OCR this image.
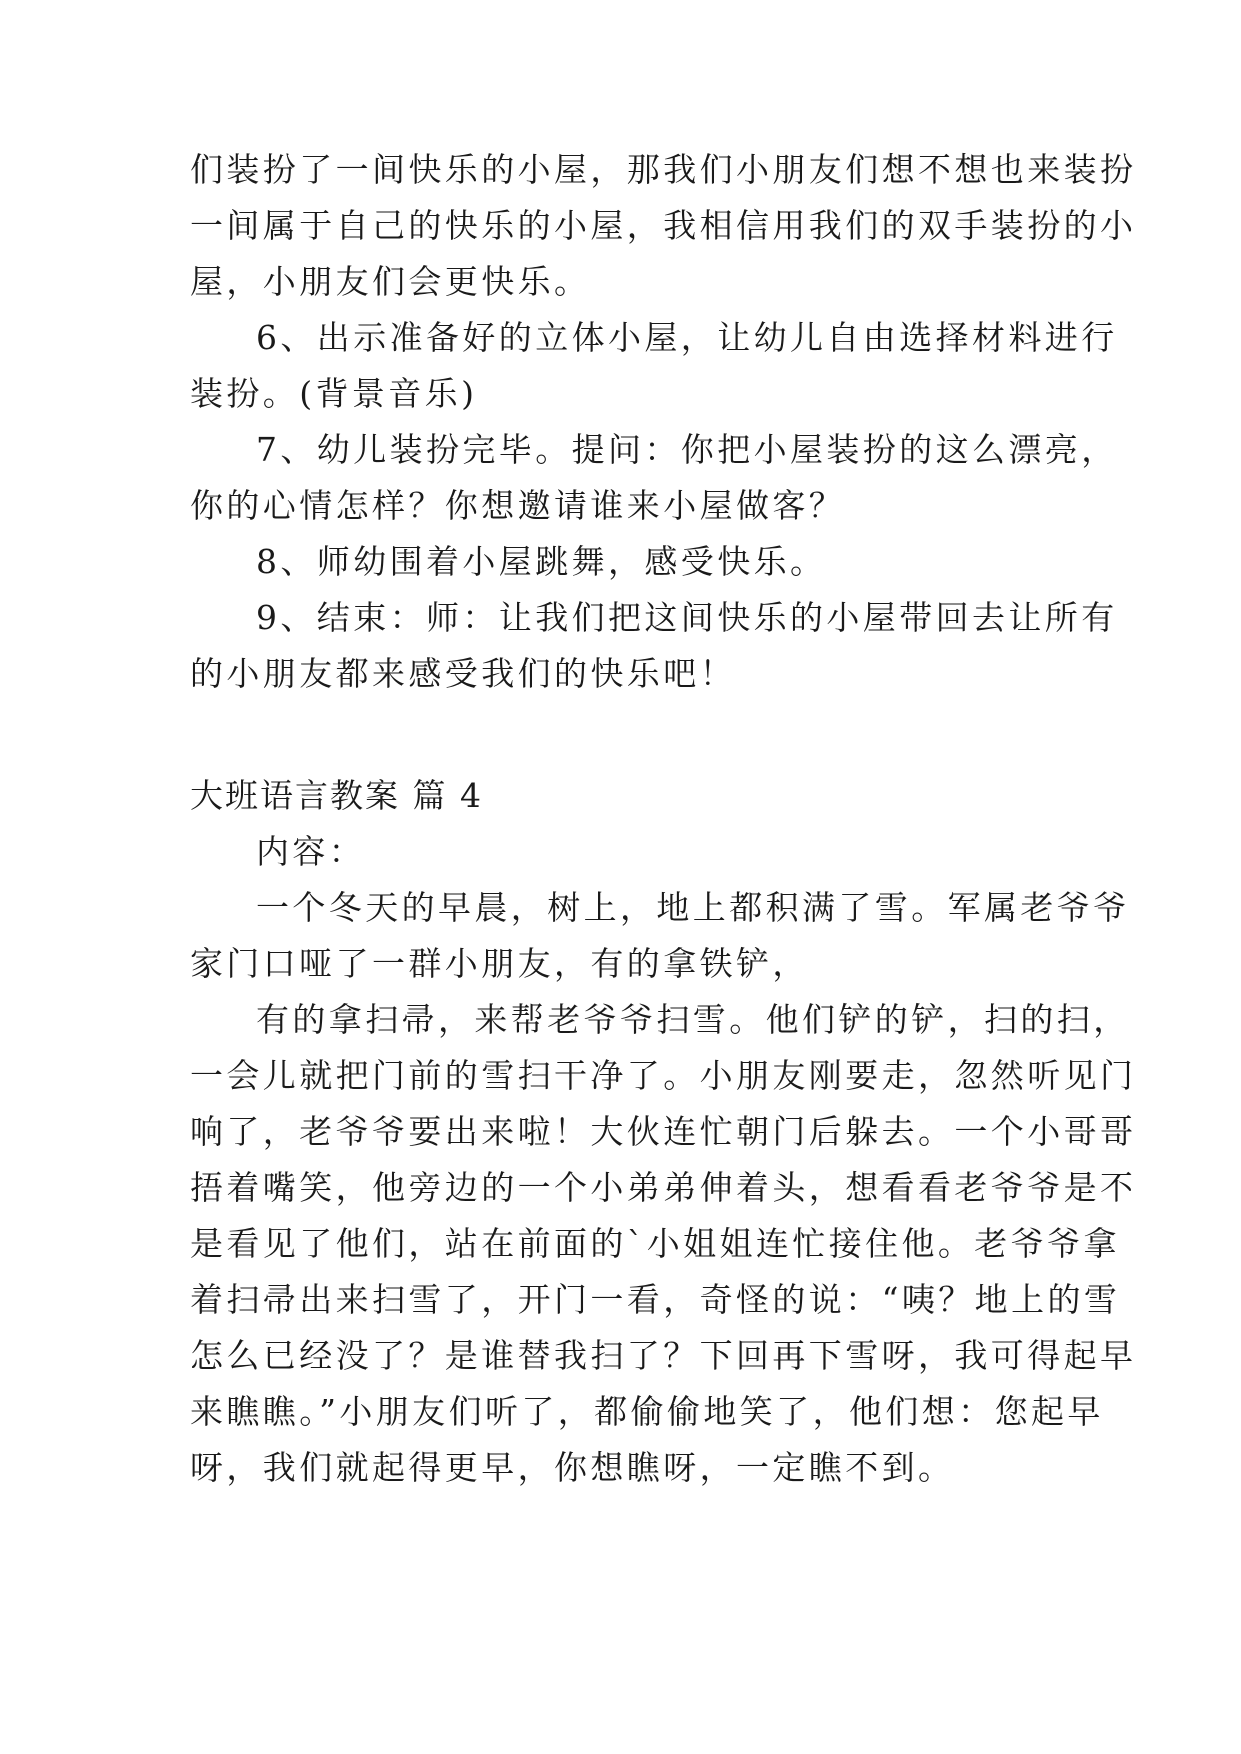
们装扮了一间快乐的小屋，那我们小朋友们想不想也来装扮
一间属于自己的快乐的小屋，我相信用我们的双手装扮的小
屋，小朋友们会更快乐。
6、出示准备好的立体小屋，让幼儿自由选择材料进行
装扮。(背景音乐)
7、幼儿装扮完毕。提问：你把小屋装扮的这么漂亮，
你的心情怎样？你想邀请谁来小屋做客？
8、师幼围着小屋跳舞，感受快乐。
9、结束：师：让我们把这间快乐的小屋带回去让所有
的小朋友都来感受我们的快乐吧！
大班语言教案 篇 4
内容：
一个冬天的早晨，树上，地上都积满了雪。军属老爷爷
家门口哑了一群小朋友，有的拿铁铲，
有的拿扫帚，来帮老爷爷扫雪。他们铲的铲，扫的扫，
一会儿就把门前的雪扫干净了。小朋友刚要走，忽然听见门
响了，老爷爷要出来啦！大伙连忙朝门后躲去。一个小哥哥
捂着嘴笑，他旁边的一个小弟弟伸着头，想看看老爷爷是不
是看见了他们，站在前面的`小姐姐连忙接住他。老爷爷拿
着扫帚出来扫雪了，开门一看，奇怪的说：“咦？地上的雪
怎么已经没了？是谁替我扫了？下回再下雪呀，我可得起早
来瞧瞧。”小朋友们听了，都偷偷地笑了，他们想：您起早
呀，我们就起得更早，你想瞧呀，一定瞧不到。
